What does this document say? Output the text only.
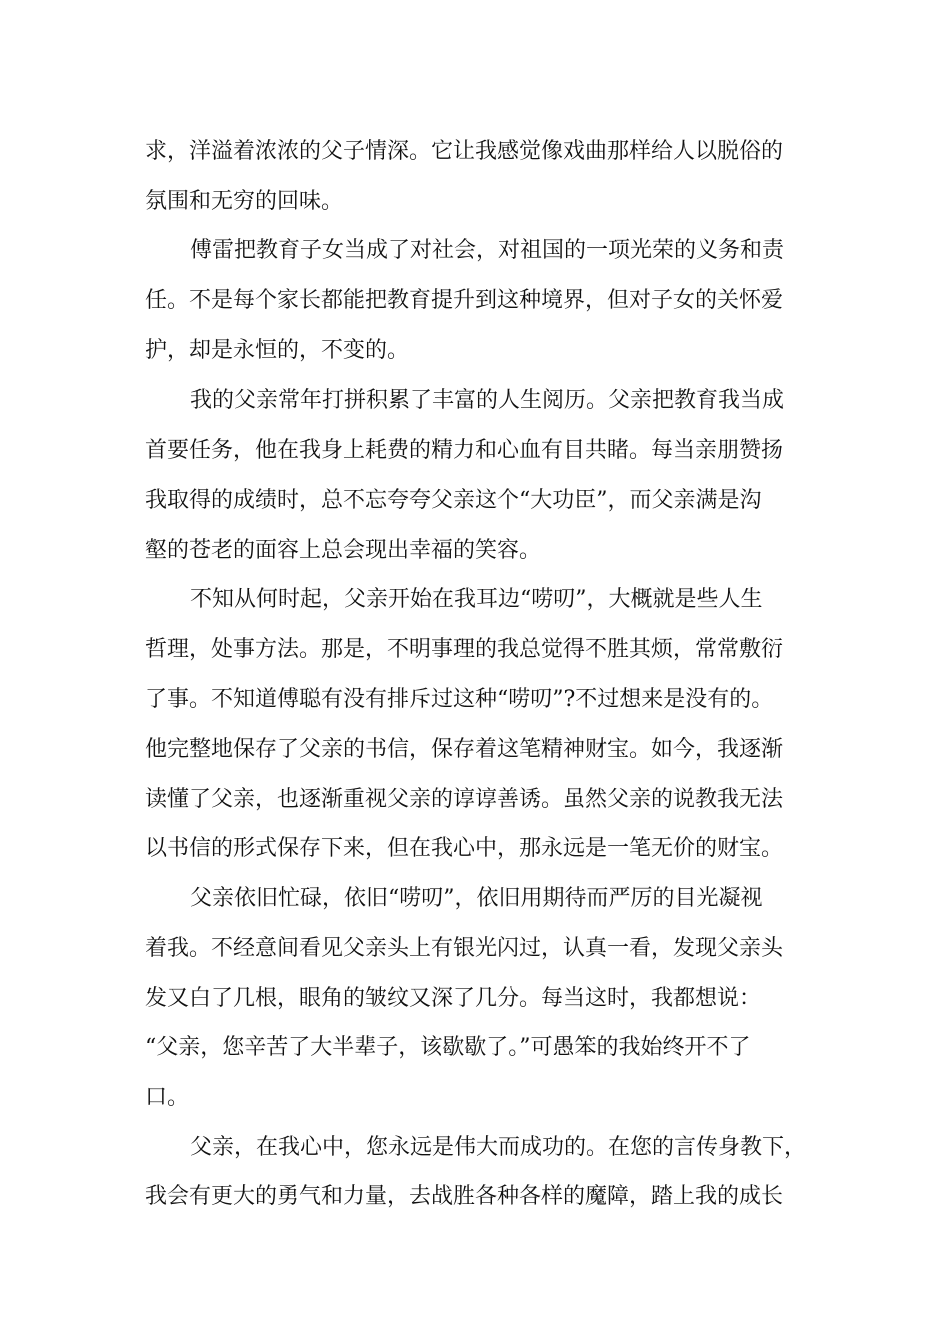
求，洋溢着浓浓的父子情深。它让我感觉像戏曲那样给人以脱俗的
氛围和无穷的回味。
傅雷把教育子女当成了对社会，对祖国的一项光荣的义务和责
任。不是每个家长都能把教育提升到这种境界，但对子女的关怀爱
护，却是永恒的，不变的。
我的父亲常年打拼积累了丰富的人生阅历。父亲把教育我当成
首要任务，他在我身上耗费的精力和心血有目共睹。每当亲朋赞扬
我取得的成绩时，总不忘夸夸父亲这个“大功臣”，而父亲满是沟
壑的苍老的面容上总会现出幸福的笑容。
不知从何时起，父亲开始在我耳边“唠叨”，大概就是些人生
哲理，处事方法。那是，不明事理的我总觉得不胜其烦，常常敷衍
了事。不知道傅聪有没有排斥过这种“唠叨”?不过想来是没有的。
他完整地保存了父亲的书信，保存着这笔精神财宝。如今，我逐渐
读懂了父亲，也逐渐重视父亲的谆谆善诱。虽然父亲的说教我无法
以书信的形式保存下来，但在我心中，那永远是一笔无价的财宝。
父亲依旧忙碌，依旧“唠叨”，依旧用期待而严厉的目光凝视
着我。不经意间看见父亲头上有银光闪过，认真一看，发现父亲头
发又白了几根，眼角的皱纹又深了几分。每当这时，我都想说：
“父亲，您辛苦了大半辈子，该歇歇了。”可愚笨的我始终开不了
口。
父亲，在我心中，您永远是伟大而成功的。在您的言传身教下，
我会有更大的勇气和力量，去战胜各种各样的魔障，踏上我的成长
